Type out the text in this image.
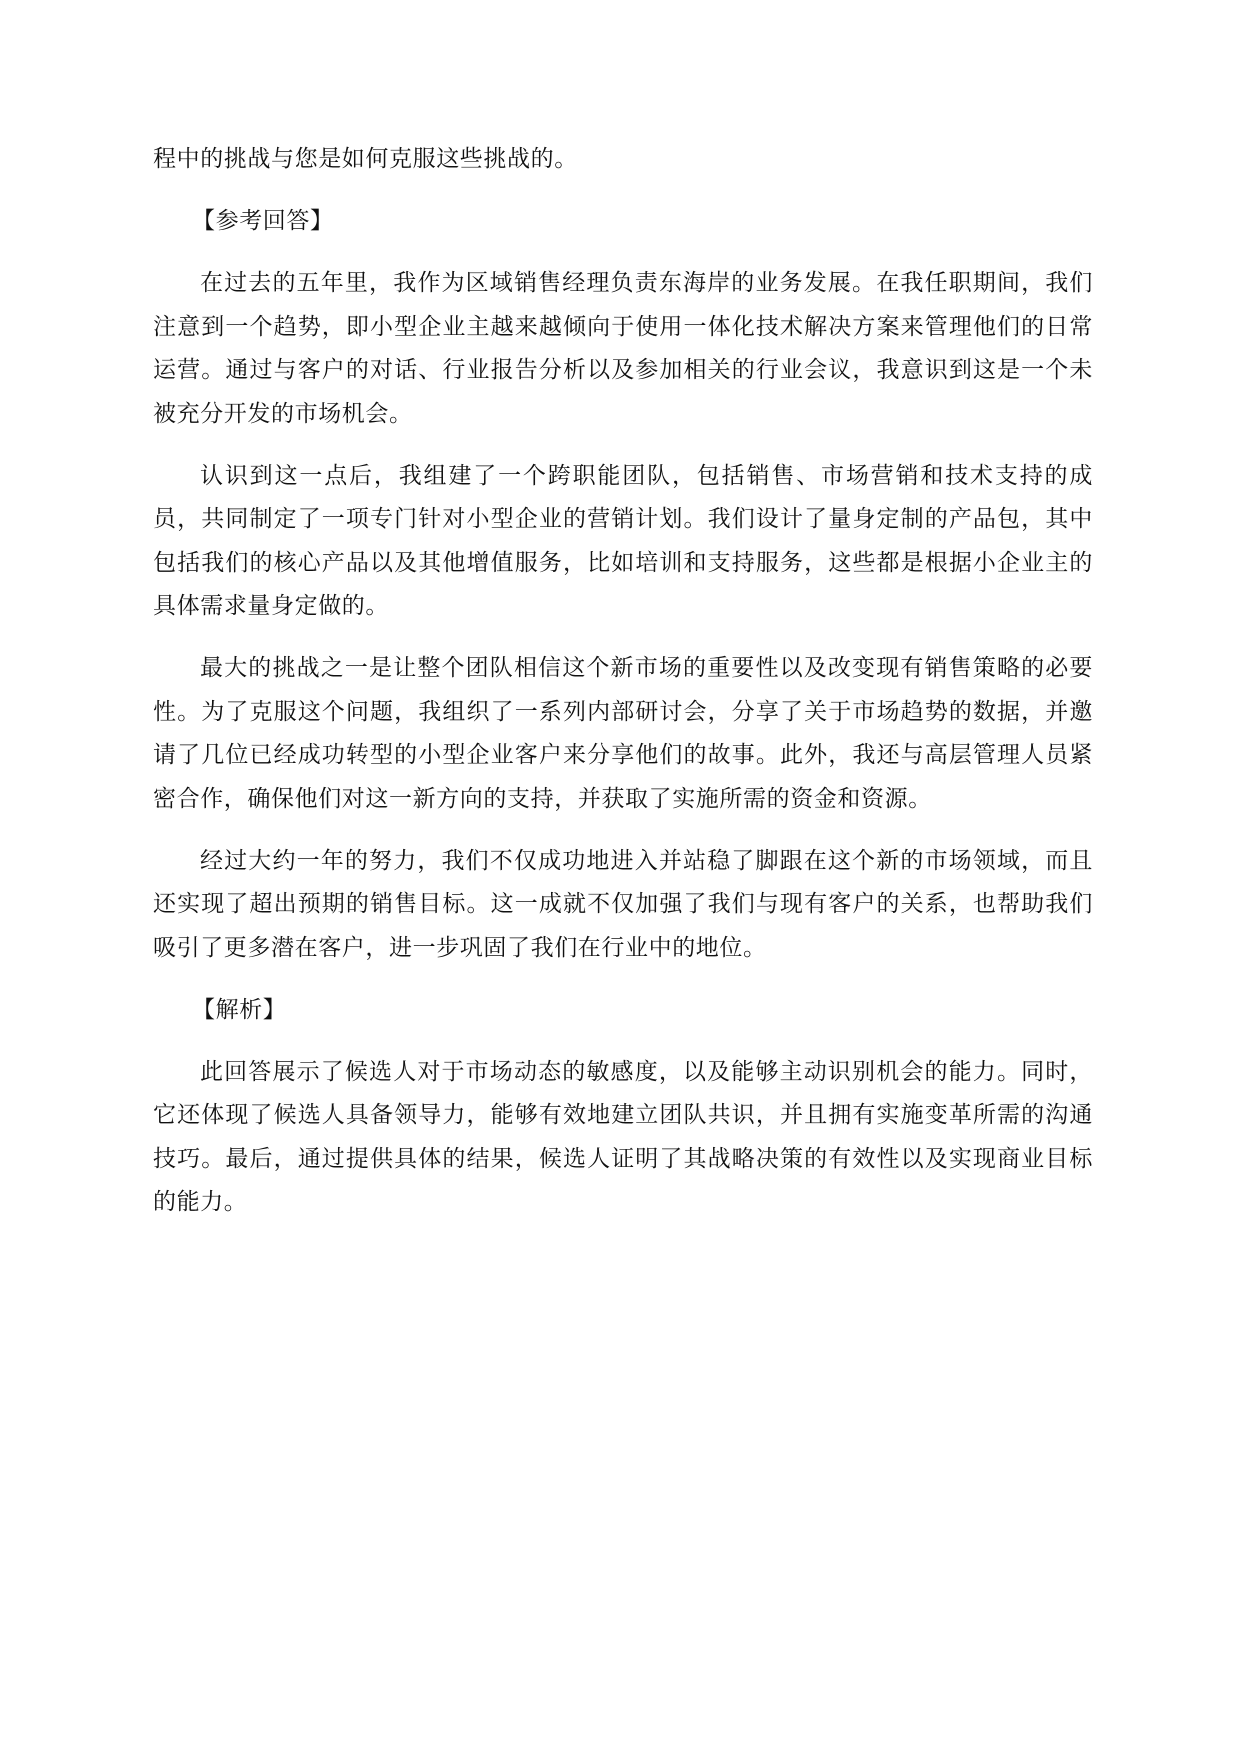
程中的挑战与您是如何克服这些挑战的。

【参考回答】

在过去的五年里，我作为区域销售经理负责东海岸的业务发展。在我任职期间，我们注意到一个趋势，即小型企业主越来越倾向于使用一体化技术解决方案来管理他们的日常运营。通过与客户的对话、行业报告分析以及参加相关的行业会议，我意识到这是一个未被充分开发的市场机会。

认识到这一点后，我组建了一个跨职能团队，包括销售、市场营销和技术支持的成员，共同制定了一项专门针对小型企业的营销计划。我们设计了量身定制的产品包，其中包括我们的核心产品以及其他增值服务，比如培训和支持服务，这些都是根据小企业主的具体需求量身定做的。

最大的挑战之一是让整个团队相信这个新市场的重要性以及改变现有销售策略的必要性。为了克服这个问题，我组织了一系列内部研讨会，分享了关于市场趋势的数据，并邀请了几位已经成功转型的小型企业客户来分享他们的故事。此外，我还与高层管理人员紧密合作，确保他们对这一新方向的支持，并获取了实施所需的资金和资源。

经过大约一年的努力，我们不仅成功地进入并站稳了脚跟在这个新的市场领域，而且还实现了超出预期的销售目标。这一成就不仅加强了我们与现有客户的关系，也帮助我们吸引了更多潜在客户，进一步巩固了我们在行业中的地位。

【解析】

此回答展示了候选人对于市场动态的敏感度，以及能够主动识别机会的能力。同时，它还体现了候选人具备领导力，能够有效地建立团队共识，并且拥有实施变革所需的沟通技巧。最后，通过提供具体的结果，候选人证明了其战略决策的有效性以及实现商业目标的能力。
